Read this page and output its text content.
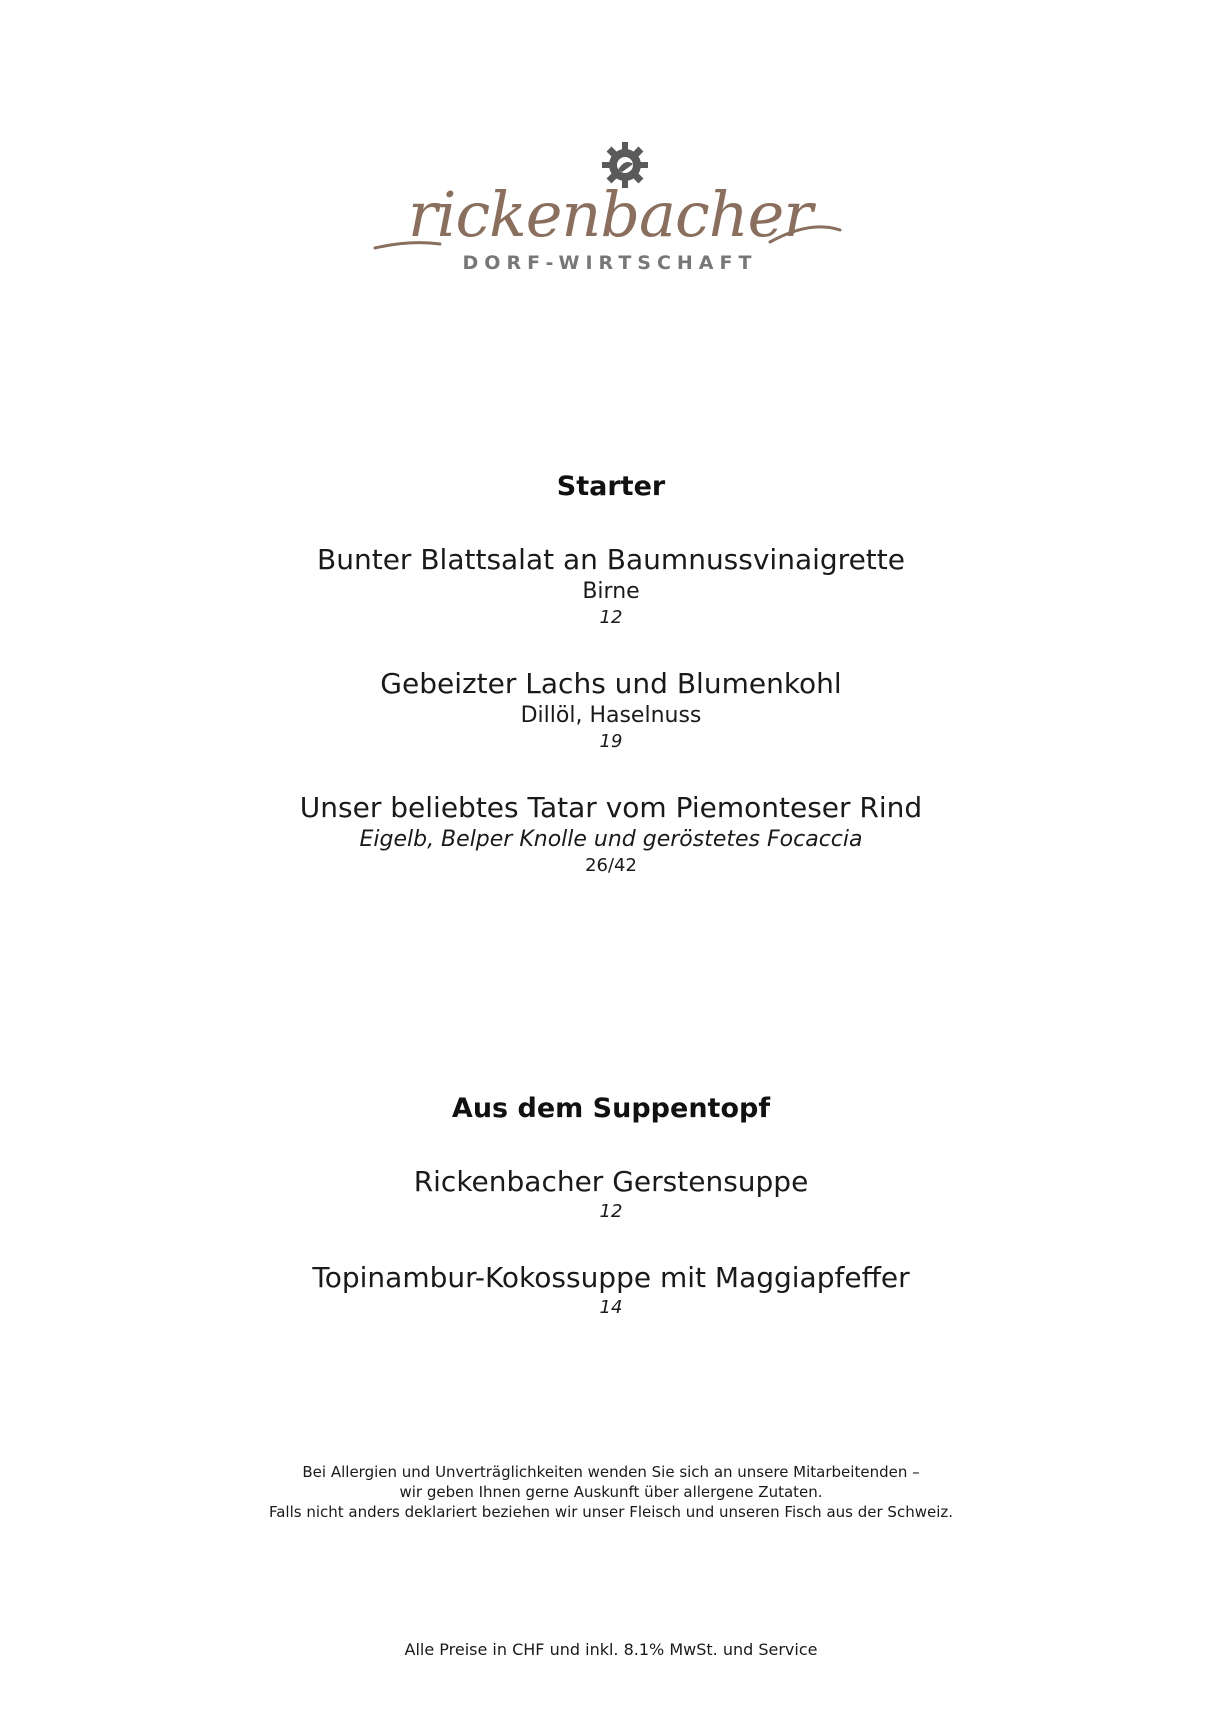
rickenbacher
DORF-WIRTSCHAFT
Starter
Bunter Blattsalat an Baumnussvinaigrette
Birne
12
Gebeizter Lachs und Blumenkohl
Dillöl, Haselnuss
19
Unser beliebtes Tatar vom Piemonteser Rind
Eigelb, Belper Knolle und geröstetes Focaccia
26/42
Aus dem Suppentopf
Rickenbacher Gerstensuppe
12
Topinambur-Kokossuppe mit Maggiapfeffer
14
Bei Allergien und Unverträglichkeiten wenden Sie sich an unsere Mitarbeitenden –
wir geben Ihnen gerne Auskunft über allergene Zutaten.
Falls nicht anders deklariert beziehen wir unser Fleisch und unseren Fisch aus der Schweiz.
Alle Preise in CHF und inkl. 8.1% MwSt. und Service
